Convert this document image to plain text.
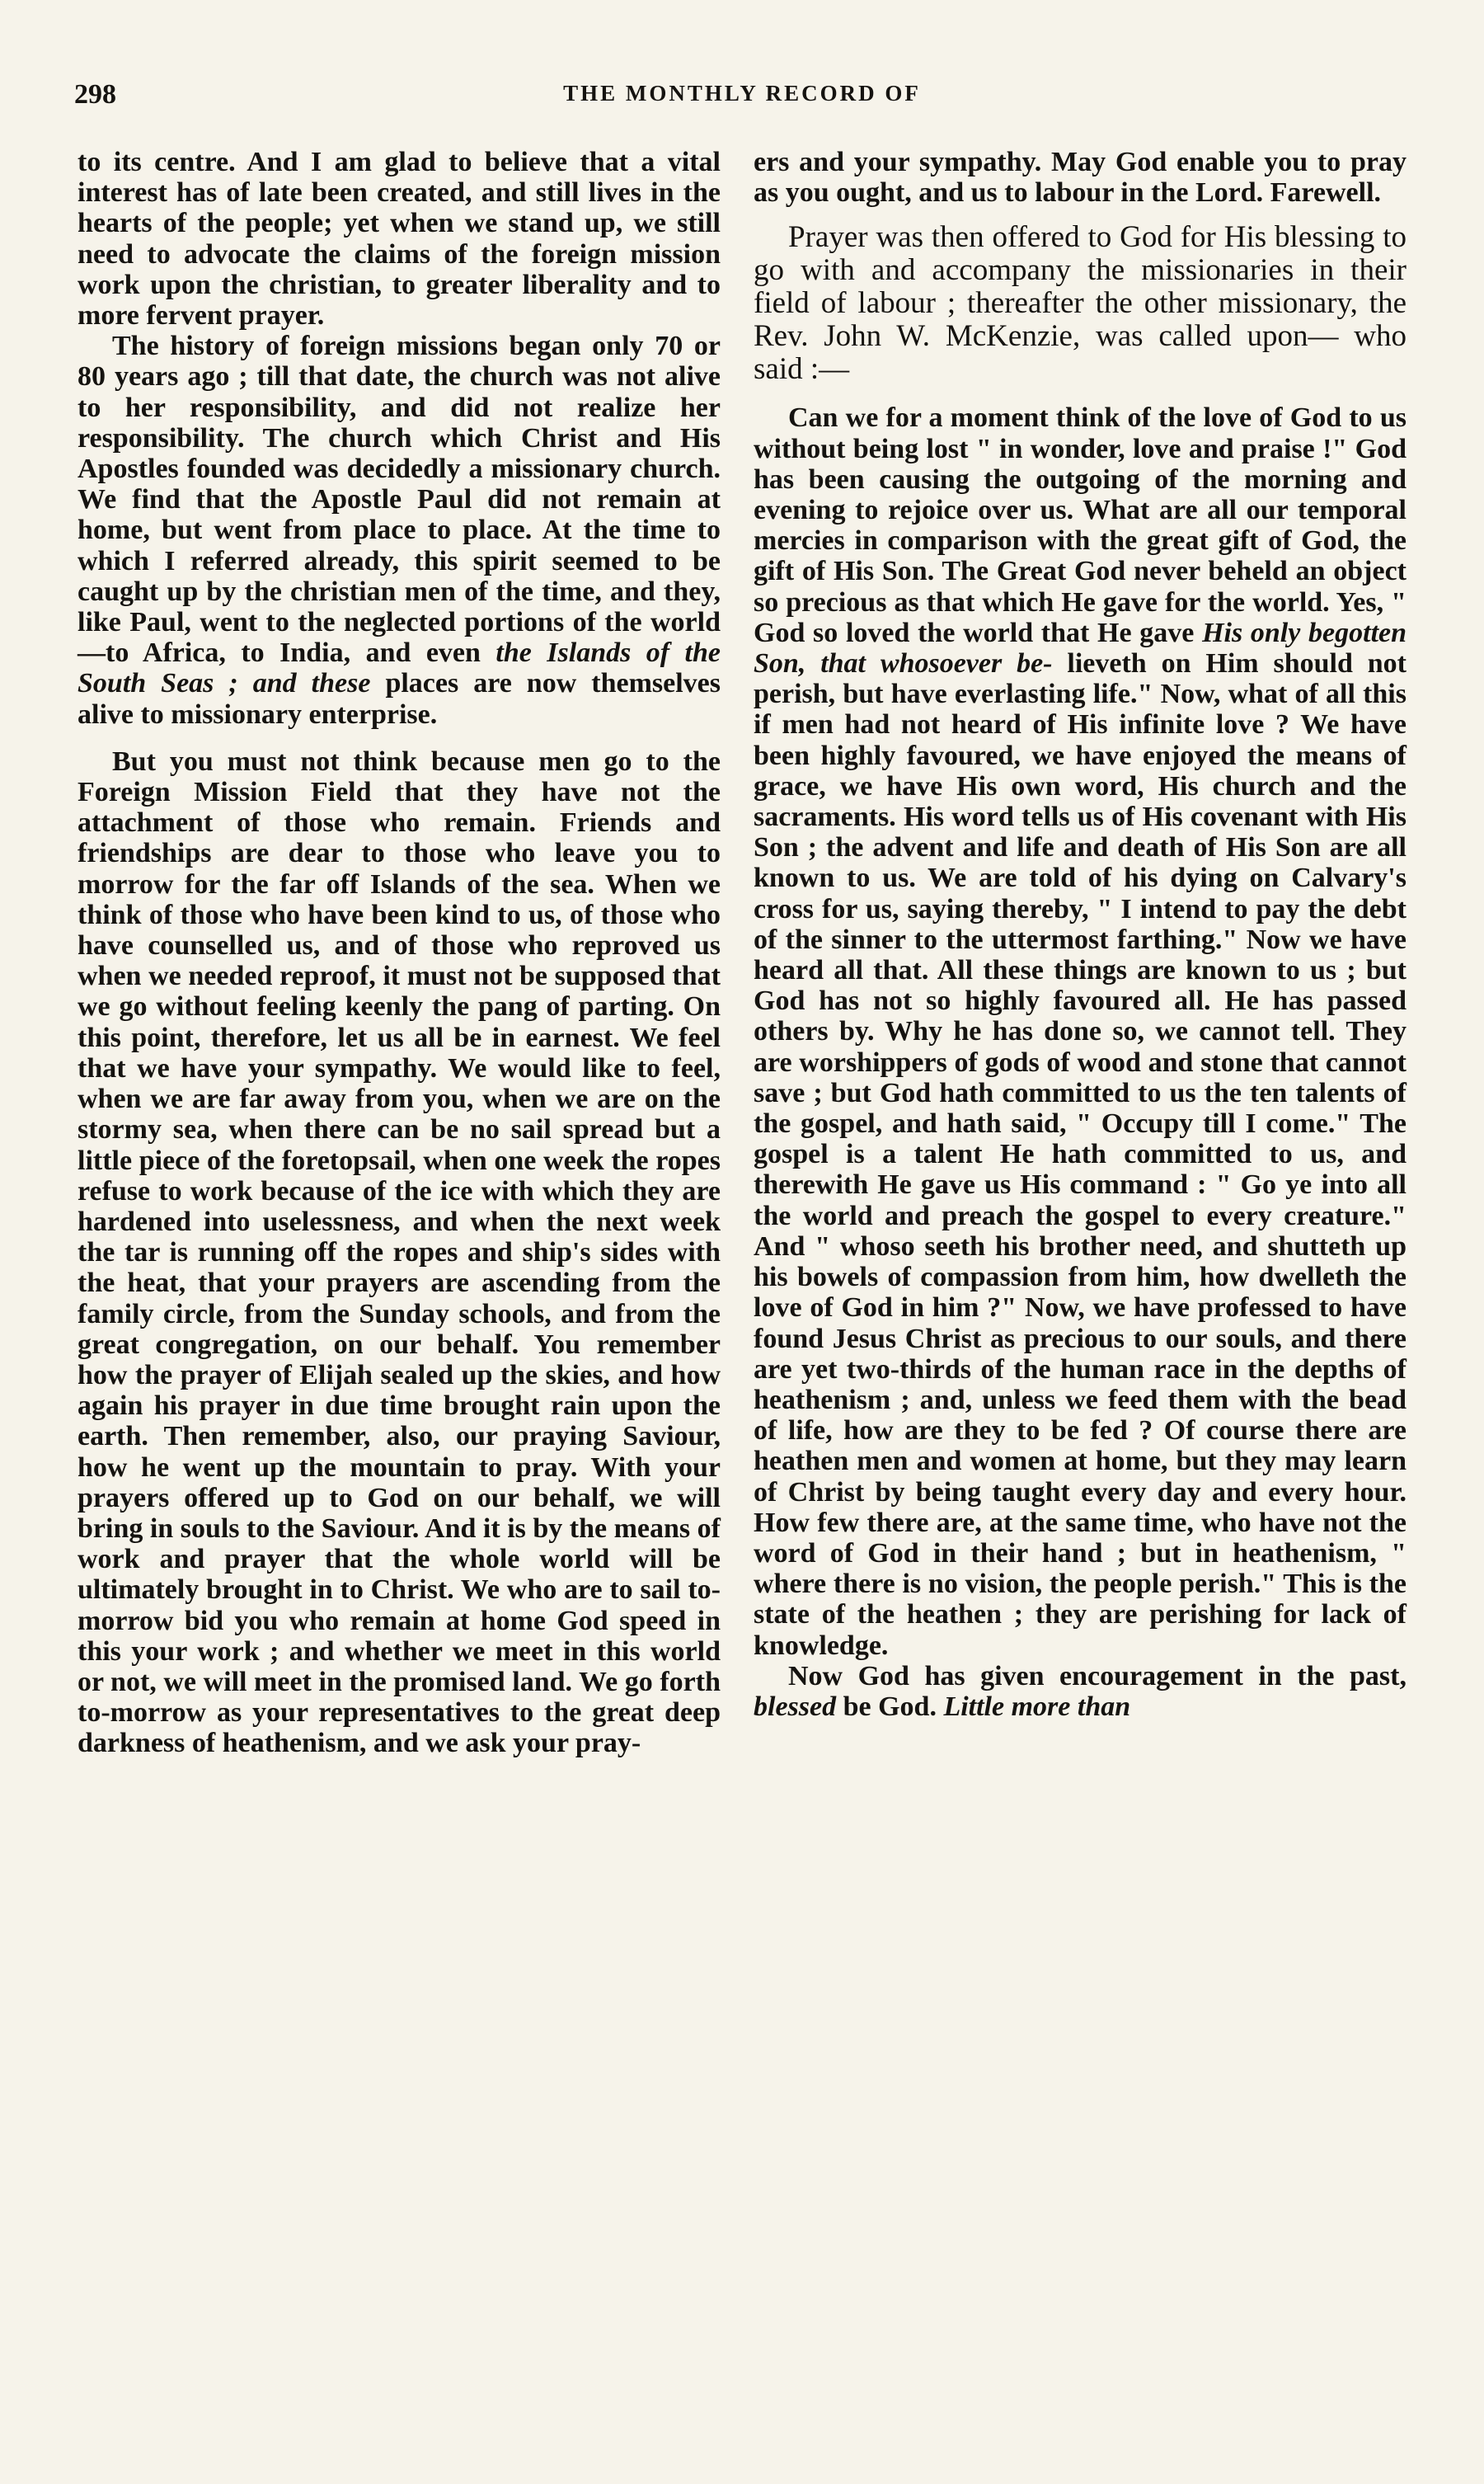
298	THE MONTHLY RECORD OF

to its centre. And I am glad to believe that a vital interest has of late been created, and still lives in the hearts of the people; yet when we stand up, we still need to advocate the claims of the foreign mission work upon the christian, to greater liberality and to more fervent prayer.

The history of foreign missions began only 70 or 80 years ago ; till that date, the church was not alive to her responsibility, and did not realize her responsibility. The church which Christ and His Apostles founded was decidedly a missionary church. We find that the Apostle Paul did not remain at home, but went from place to place. At the time to which I referred already, this spirit seemed to be caught up by the christian men of the time, and they, like Paul, went to the neglected portions of the world—to Africa, to India, and even the Islands of the South Seas ; and these places are now themselves alive to missionary enterprise.

But you must not think because men go to the Foreign Mission Field that they have not the attachment of those who remain. Friends and friendships are dear to those who leave you to morrow for the far off Islands of the sea. When we think of those who have been kind to us, of those who have counselled us, and of those who reproved us when we needed reproof, it must not be supposed that we go without feeling keenly the pang of parting. On this point, therefore, let us all be in earnest. We feel that we have your sympathy. We would like to feel, when we are far away from you, when we are on the stormy sea, when there can be no sail spread but a little piece of the foretopsail, when one week the ropes refuse to work because of the ice with which they are hardened into uselessness, and when the next week the tar is running off the ropes and ship's sides with the heat, that your prayers are ascending from the family circle, from the Sunday schools, and from the great congregation, on our behalf. You remember how the prayer of Elijah sealed up the skies, and how again his prayer in due time brought rain upon the earth. Then remember, also, our praying Saviour, how he went up the mountain to pray. With your prayers offered up to God on our behalf, we will bring in souls to the Saviour. And it is by the means of work and prayer that the whole world will be ultimately brought in to Christ. We who are to sail to-morrow bid you who remain at home God speed in this your work ; and whether we meet in this world or not, we will meet in the promised land. We go forth to-morrow as your representatives to the great deep darkness of heathenism, and we ask your pray-

ers and your sympathy. May God enable you to pray as you ought, and us to labour in the Lord. Farewell.

Prayer was then offered to God for His blessing to go with and accompany the missionaries in their field of labour ; thereafter the other missionary, the Rev. John W. McKenzie, was called upon— who said :—

Can we for a moment think of the love of God to us without being lost " in wonder, love and praise !" God has been causing the outgoing of the morning and evening to rejoice over us. What are all our temporal mercies in comparison with the great gift of God, the gift of His Son. The Great God never beheld an object so precious as that which He gave for the world. Yes, " God so loved the world that He gave His only begotten Son, that whosoever be- lieveth on Him should not perish, but have everlasting life." Now, what of all this if men had not heard of His infinite love ? We have been highly favoured, we have enjoyed the means of grace, we have His own word, His church and the sacraments. His word tells us of His covenant with His Son ; the advent and life and death of His Son are all known to us. We are told of his dying on Calvary's cross for us, saying thereby, " I intend to pay the debt of the sinner to the uttermost farthing." Now we have heard all that. All these things are known to us ; but God has not so highly favoured all. He has passed others by. Why he has done so, we cannot tell. They are worshippers of gods of wood and stone that cannot save ; but God hath committed to us the ten talents of the gospel, and hath said, " Occupy till I come." The gospel is a talent He hath committed to us, and therewith He gave us His command : " Go ye into all the world and preach the gospel to every creature." And " whoso seeth his brother need, and shutteth up his bowels of compassion from him, how dwelleth the love of God in him ?" Now, we have professed to have found Jesus Christ as precious to our souls, and there are yet two-thirds of the human race in the depths of heathenism ; and, unless we feed them with the bead of life, how are they to be fed ? Of course there are heathen men and women at home, but they may learn of Christ by being taught every day and every hour. How few there are, at the same time, who have not the word of God in their hand ; but in heathenism, " where there is no vision, the people perish." This is the state of the heathen ; they are perishing for lack of knowledge.

Now God has given encouragement in the past, blessed be God. Little more than
